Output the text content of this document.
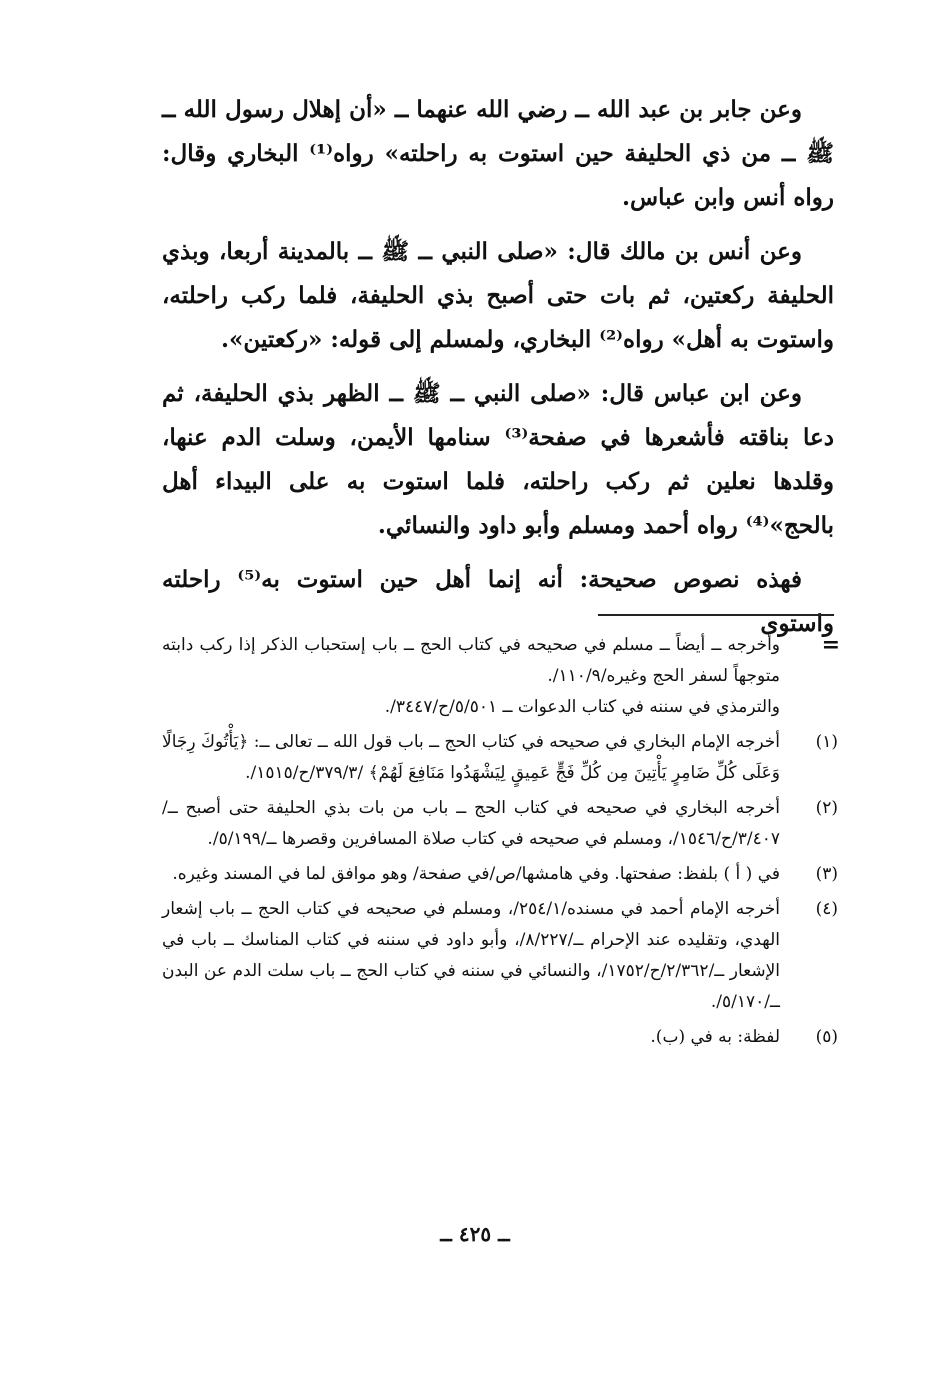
وعن جابر بن عبد الله ــ رضي الله عنهما ــ «أن إهلال رسول الله ــ ﷺ ــ من ذي الحليفة حين استوت به راحلته» رواه⁽¹⁾ البخاري وقال: رواه أنس وابن عباس.

وعن أنس بن مالك قال: «صلى النبي ــ ﷺ ــ بالمدينة أربعا، وبذي الحليفة ركعتين، ثم بات حتى أصبح بذي الحليفة، فلما ركب راحلته، واستوت به أهل» رواه⁽²⁾ البخاري، ولمسلم إلى قوله: «ركعتين».

وعن ابن عباس قال: «صلى النبي ــ ﷺ ــ الظهر بذي الحليفة، ثم دعا بناقته فأشعرها في صفحة⁽³⁾ سنامها الأيمن، وسلت الدم عنها، وقلدها نعلين ثم ركب راحلته، فلما استوت به على البيداء أهل بالحج»⁽⁴⁾ رواه أحمد ومسلم وأبو داود والنسائي.

فهذه نصوص صحيحة: أنه إنما أهل حين استوت به⁽⁵⁾ راحلته واستوى

=
وأخرجه ــ أيضاً ــ مسلم في صحيحه في كتاب الحج ــ باب إستحباب الذكر إذا ركب دابته متوجهاً لسفر الحج وغيره/١١٠/٩/.
والترمذي في سننه في كتاب الدعوات ــ ٥/٥٠١/ح/٣٤٤٧/.
(١)
أخرجه الإمام البخاري في صحيحه في كتاب الحج ــ باب قول الله ــ تعالى ــ: ﴿يَأْتُوكَ رِجَالًا وَعَلَى كُلِّ ضَامِرٍ يَأْتِينَ مِن كُلِّ فَجٍّ عَمِيقٍ لِيَشْهَدُوا مَنَافِعَ لَهُمْ﴾ /٣٧٩/٣/ح/١٥١٥/.
(٢)
أخرجه البخاري في صحيحه في كتاب الحج ــ باب من بات بذي الحليفة حتى أصبح ــ/٣/٤٠٧/ح/١٥٤٦/، ومسلم في صحيحه في كتاب صلاة المسافرين وقصرها ــ/٥/١٩٩/.
(٣)
في ( أ ) بلفظ: صفحتها. وفي هامشها/ص/في صفحة/ وهو موافق لما في المسند وغيره.
(٤)
أخرجه الإمام أحمد في مسنده/٢٥٤/١/، ومسلم في صحيحه في كتاب الحج ــ باب إشعار الهدي، وتقليده عند الإحرام ــ/٨/٢٢٧/، وأبو داود في سننه في كتاب المناسك ــ باب في الإشعار ــ/٢/٣٦٢/ح/١٧٥٢/، والنسائي في سننه في كتاب الحج ــ باب سلت الدم عن البدن ــ/٥/١٧٠/.
(٥)
لفظة: به في (ب).
ــ ٤٢٥ ــ
